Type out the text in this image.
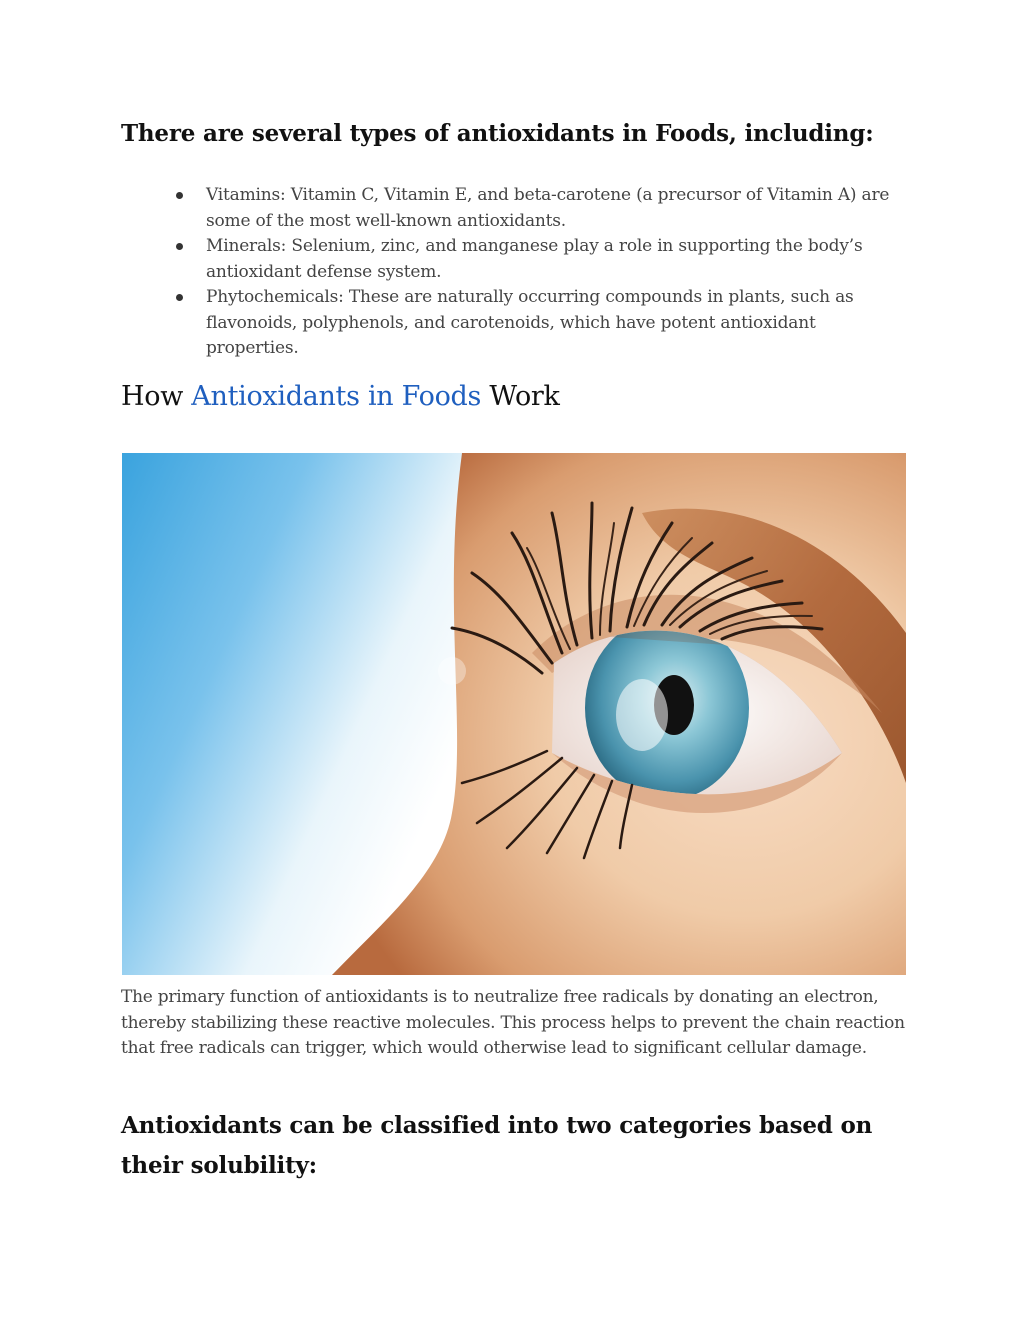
There are several types of antioxidants in Foods, including:
Vitamins: Vitamin C, Vitamin E, and beta-carotene (a precursor of Vitamin A) are some of the most well-known antioxidants.
Minerals: Selenium, zinc, and manganese play a role in supporting the body’s antioxidant defense system.
Phytochemicals: These are naturally occurring compounds in plants, such as flavonoids, polyphenols, and carotenoids, which have potent antioxidant properties.
How Antioxidants in Foods Work

The primary function of antioxidants is to neutralize free radicals by donating an electron, thereby stabilizing these reactive molecules. This process helps to prevent the chain reaction that free radicals can trigger, which would otherwise lead to significant cellular damage.

Antioxidants can be classified into two categories based on their solubility:
